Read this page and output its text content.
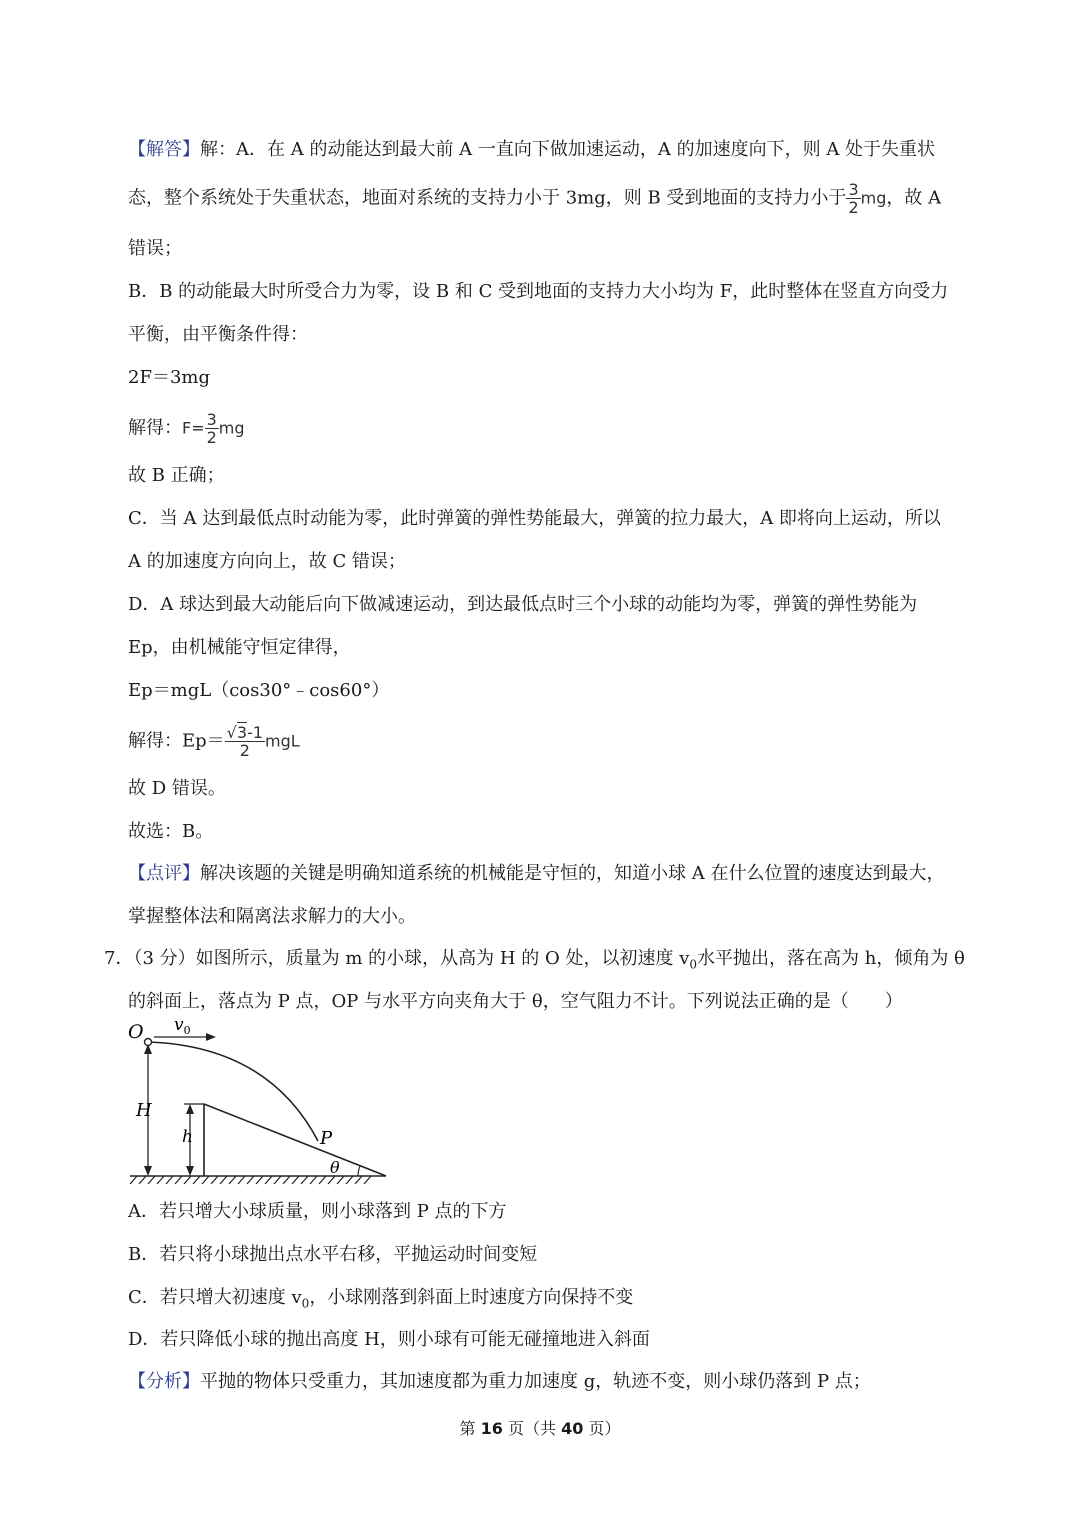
【解答】解：A．在 A 的动能达到最大前 A 一直向下做加速运动，A 的加速度向下，则 A 处于失重状
态，整个系统处于失重状态，地面对系统的支持力小于 3mg，则 B 受到地面的支持力小于 $\frac{3}{2}$ mg，故 A
错误；
B．B 的动能最大时所受合力为零，设 B 和 C 受到地面的支持力大小均为 F，此时整体在竖直方向受力
平衡，由平衡条件得：
2F＝3mg
解得：$F= \frac{3}{2}$ mg
故 B 正确；
C．当 A 达到最低点时动能为零，此时弹簧的弹性势能最大，弹簧的拉力最大，A 即将向上运动，所以
A 的加速度方向向上，故 C 错误；
D．A 球达到最大动能后向下做减速运动，到达最低点时三个小球的动能均为零，弹簧的弹性势能为
Ep，由机械能守恒定律得，
Ep＝mgL（cos30°﹣cos60°）
解得：$Ep= \frac{√3-1}{2}$ mgL
故 D 错误。
故选：B。
【点评】解决该题的关键是明确知道系统的机械能是守恒的，知道小球 A 在什么位置的速度达到最大，
掌握整体法和隔离法求解力的大小。
7．（3 分）如图所示，质量为 m 的小球，从高为 H 的 O 处，以初速度 $v_0$水平抛出，落在高为 h，倾角为 θ
的斜面上，落点为 P 点，OP 与水平方向夹角大于 θ，空气阻力不计。下列说法正确的是（　　）
O $v_0$
H
h	P
θ
A．若只增大小球质量，则小球落到 P 点的下方
B．若只将小球抛出点水平右移，平抛运动时间变短
C．若只增大初速度 $v_0$，小球刚落到斜面上时速度方向保持不变
D．若只降低小球的抛出高度 H，则小球有可能无碰撞地进入斜面
【分析】平抛的物体只受重力，其加速度都为重力加速度 g，轨迹不变，则小球仍落到 P 点；
第 16 页（共 40 页）
